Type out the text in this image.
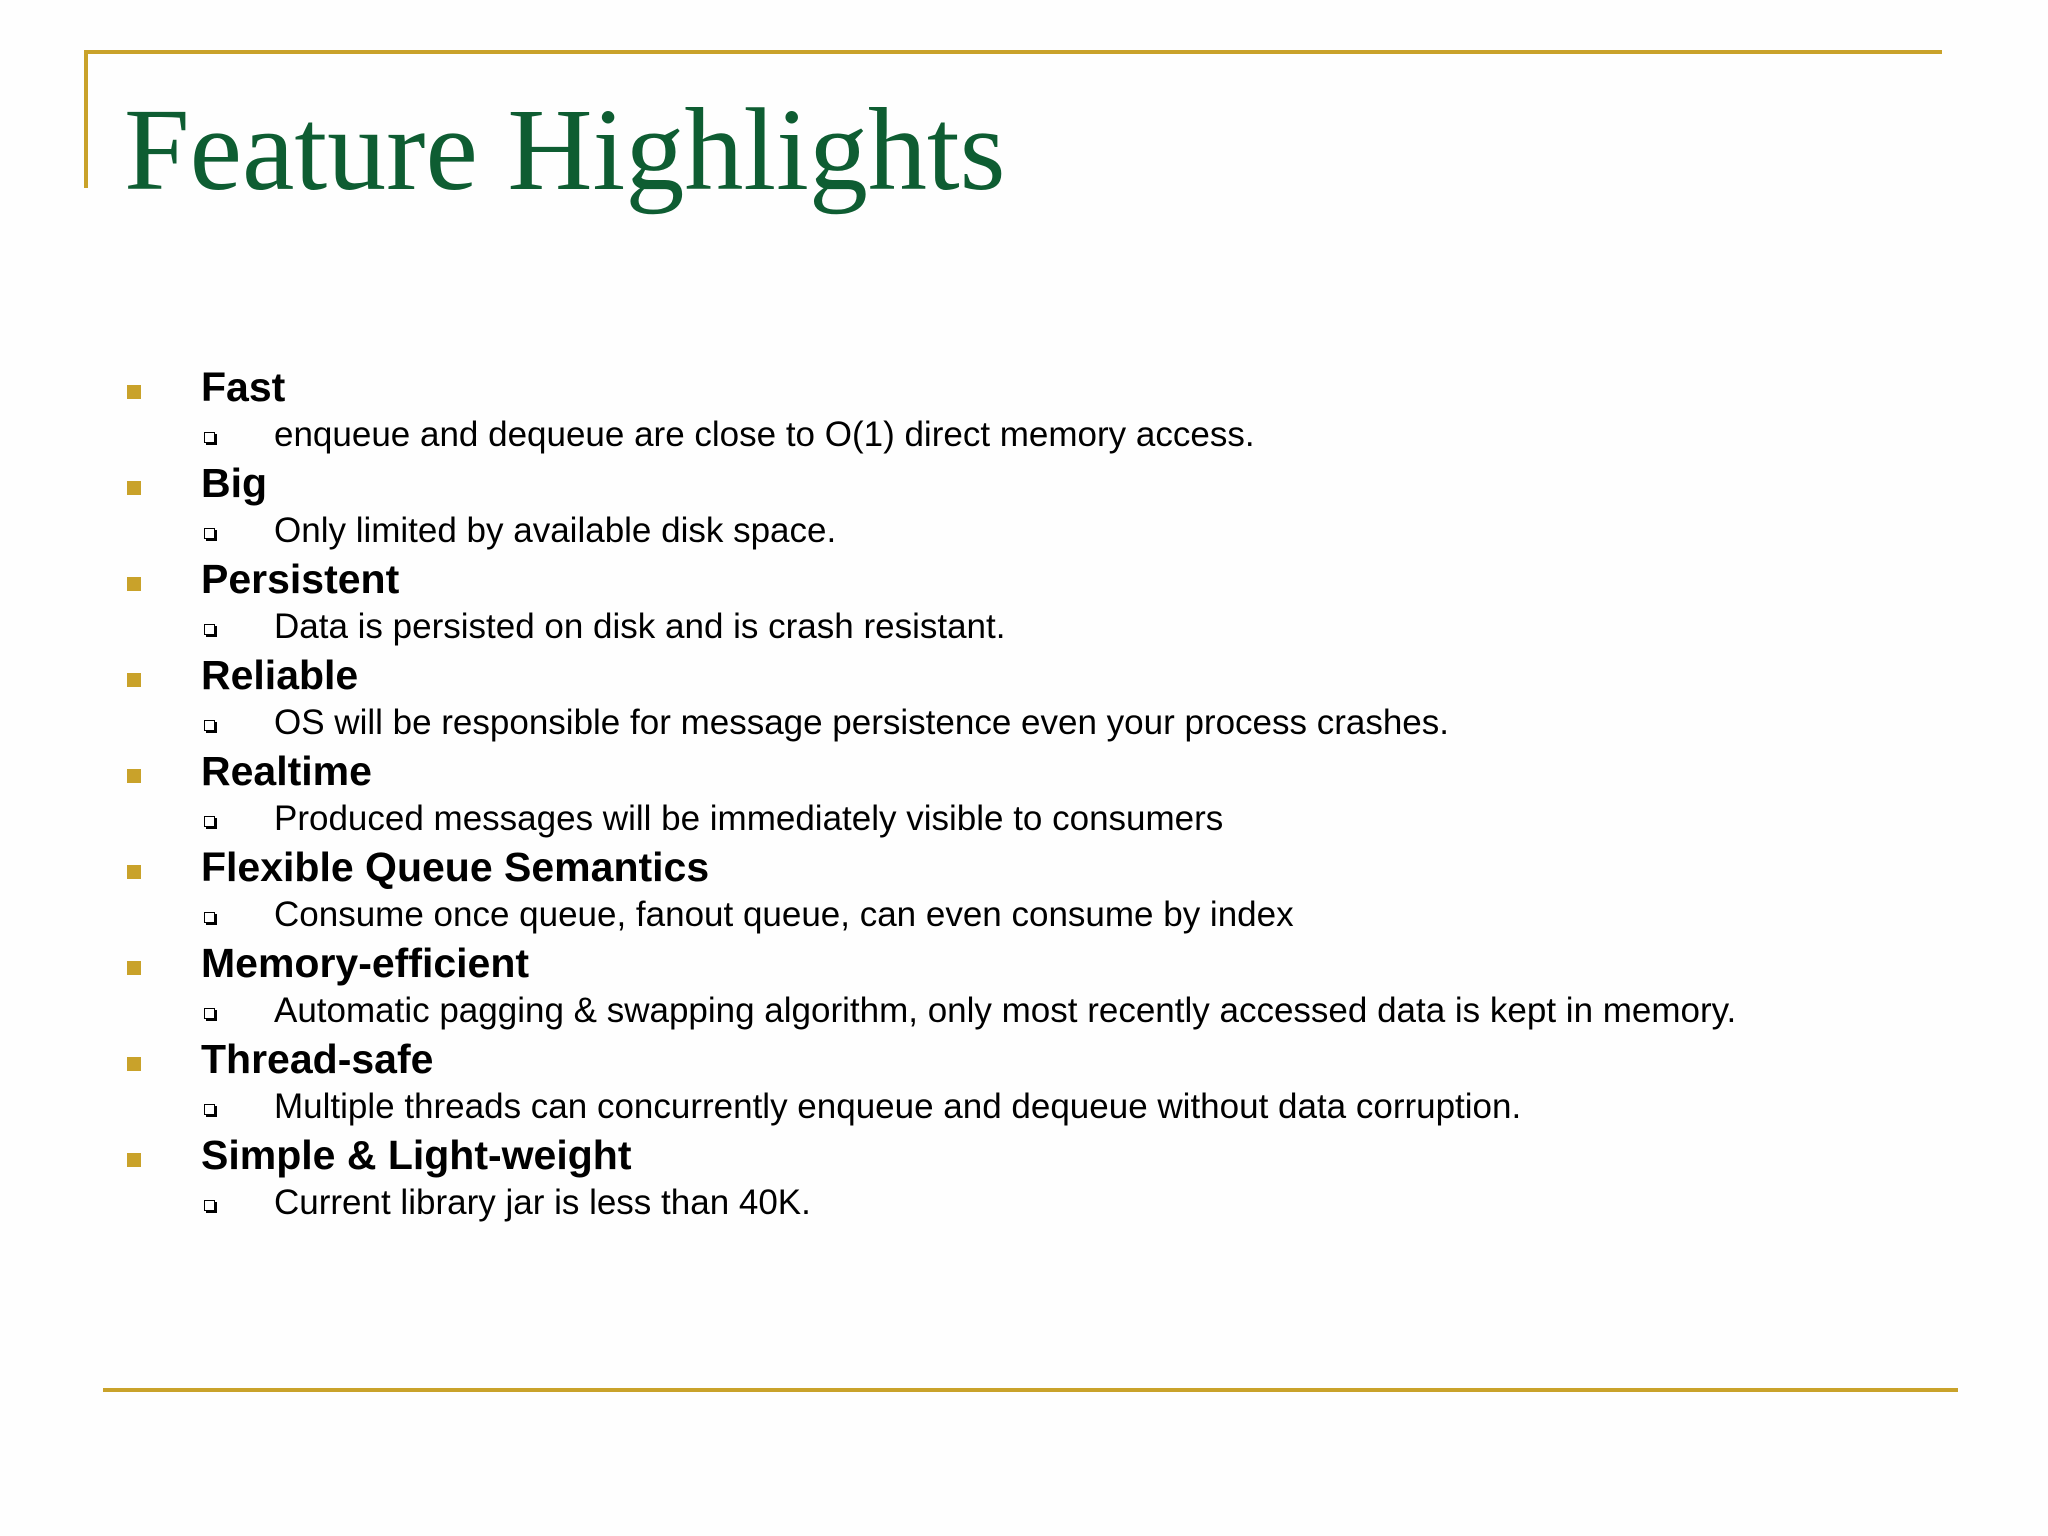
Feature Highlights
Fast
enqueue and dequeue are close to O(1) direct memory access.
Big
Only limited by available disk space.
Persistent
Data is persisted on disk and is crash resistant.
Reliable
OS will be responsible for message persistence even your process crashes.
Realtime
Produced messages will be immediately visible to consumers
Flexible Queue Semantics
Consume once queue, fanout queue, can even consume by index
Memory-efficient
Automatic pagging & swapping algorithm, only most recently accessed data is kept in memory.
Thread-safe
Multiple threads can concurrently enqueue and dequeue without data corruption.
Simple & Light-weight
Current library jar is less than 40K.
